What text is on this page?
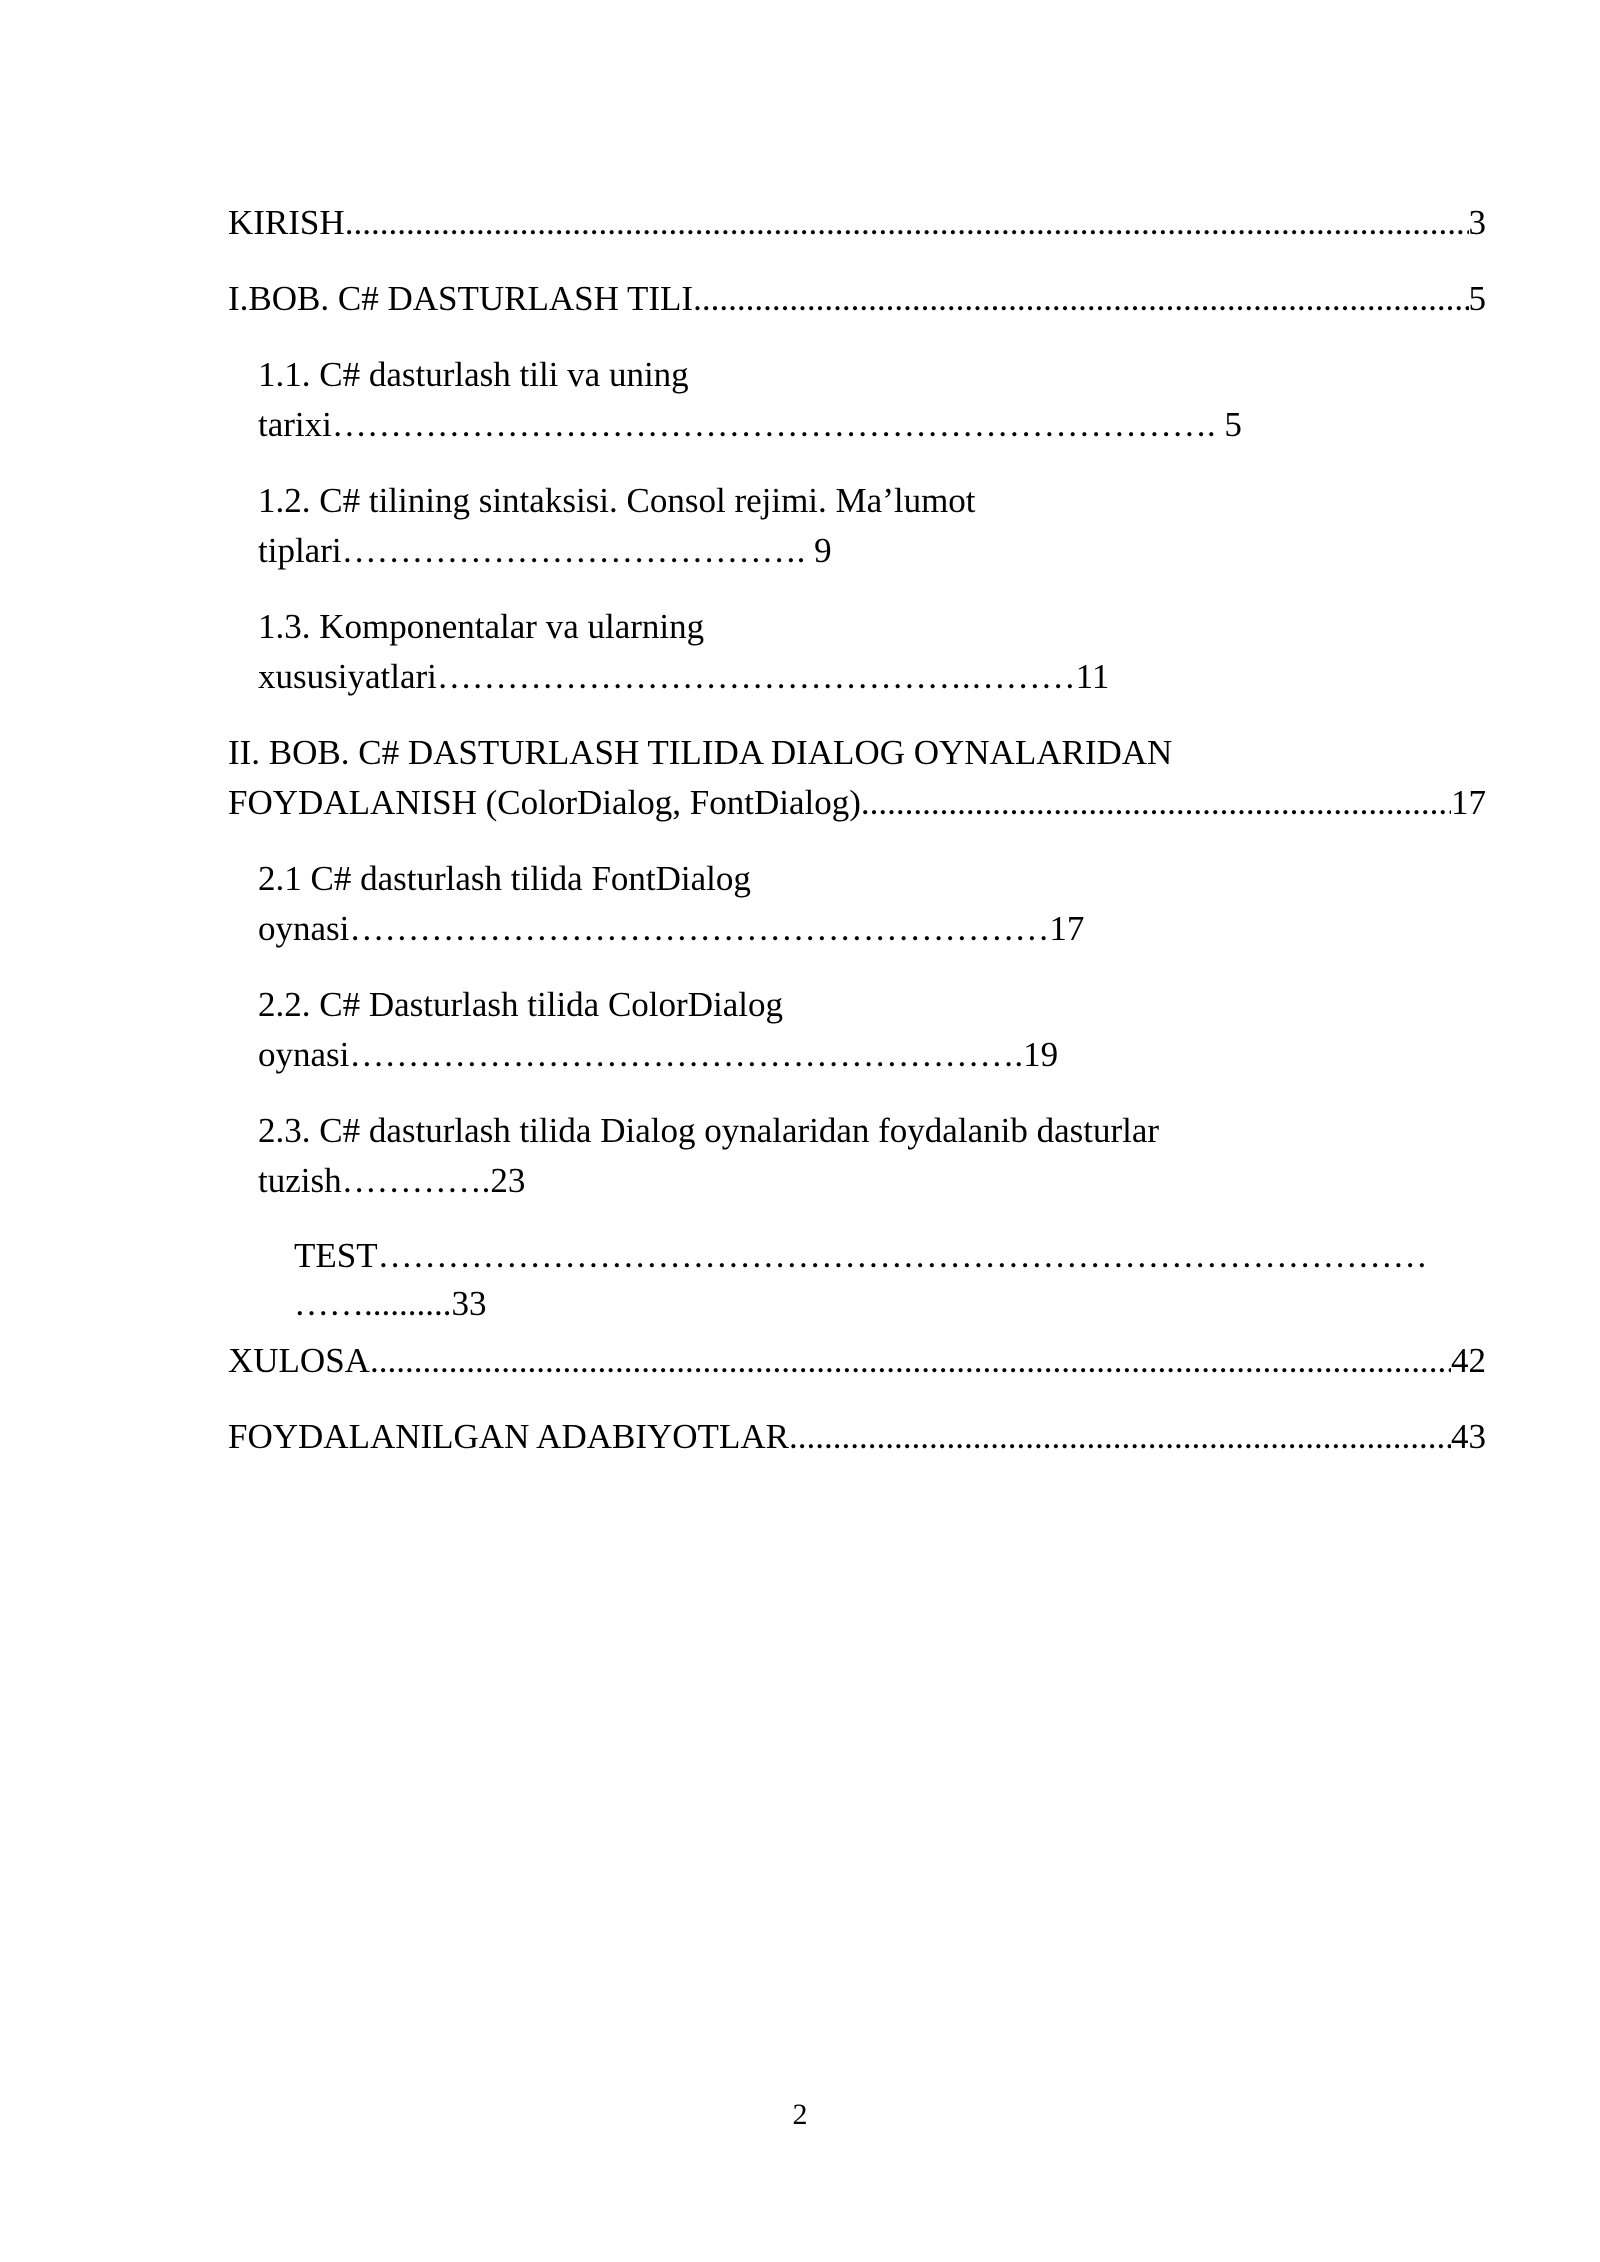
KIRISH .....	3
I.BOB. C# DASTURLASH TILI .....	5
1.1. C# dasturlash tili va uning
tarixi…………………………………………………………………. 5
1.2. C# tilining sintaksisi. Consol rejimi. Ma’lumot
tiplari…………………………………. 9
1.3. Komponentalar va ularning
xususiyatlari……………………………………….………11
II. BOB. C# DASTURLASH TILIDA DIALOG OYNALARIDAN
FOYDALANISH (ColorDialog, FontDialog) .....	17
2.1 C# dasturlash tilida FontDialog
oynasi……………………………………………………17
2.2. C# Dasturlash tilida ColorDialog
oynasi………………………………………………….19
2.3. C# dasturlash tilida Dialog oynalaridan foydalanib dasturlar
tuzish………….23
TEST………………………………………………………………………………
……..........33
XULOSA .....	42
FOYDALANILGAN ADABIYOTLAR .....	43
2
